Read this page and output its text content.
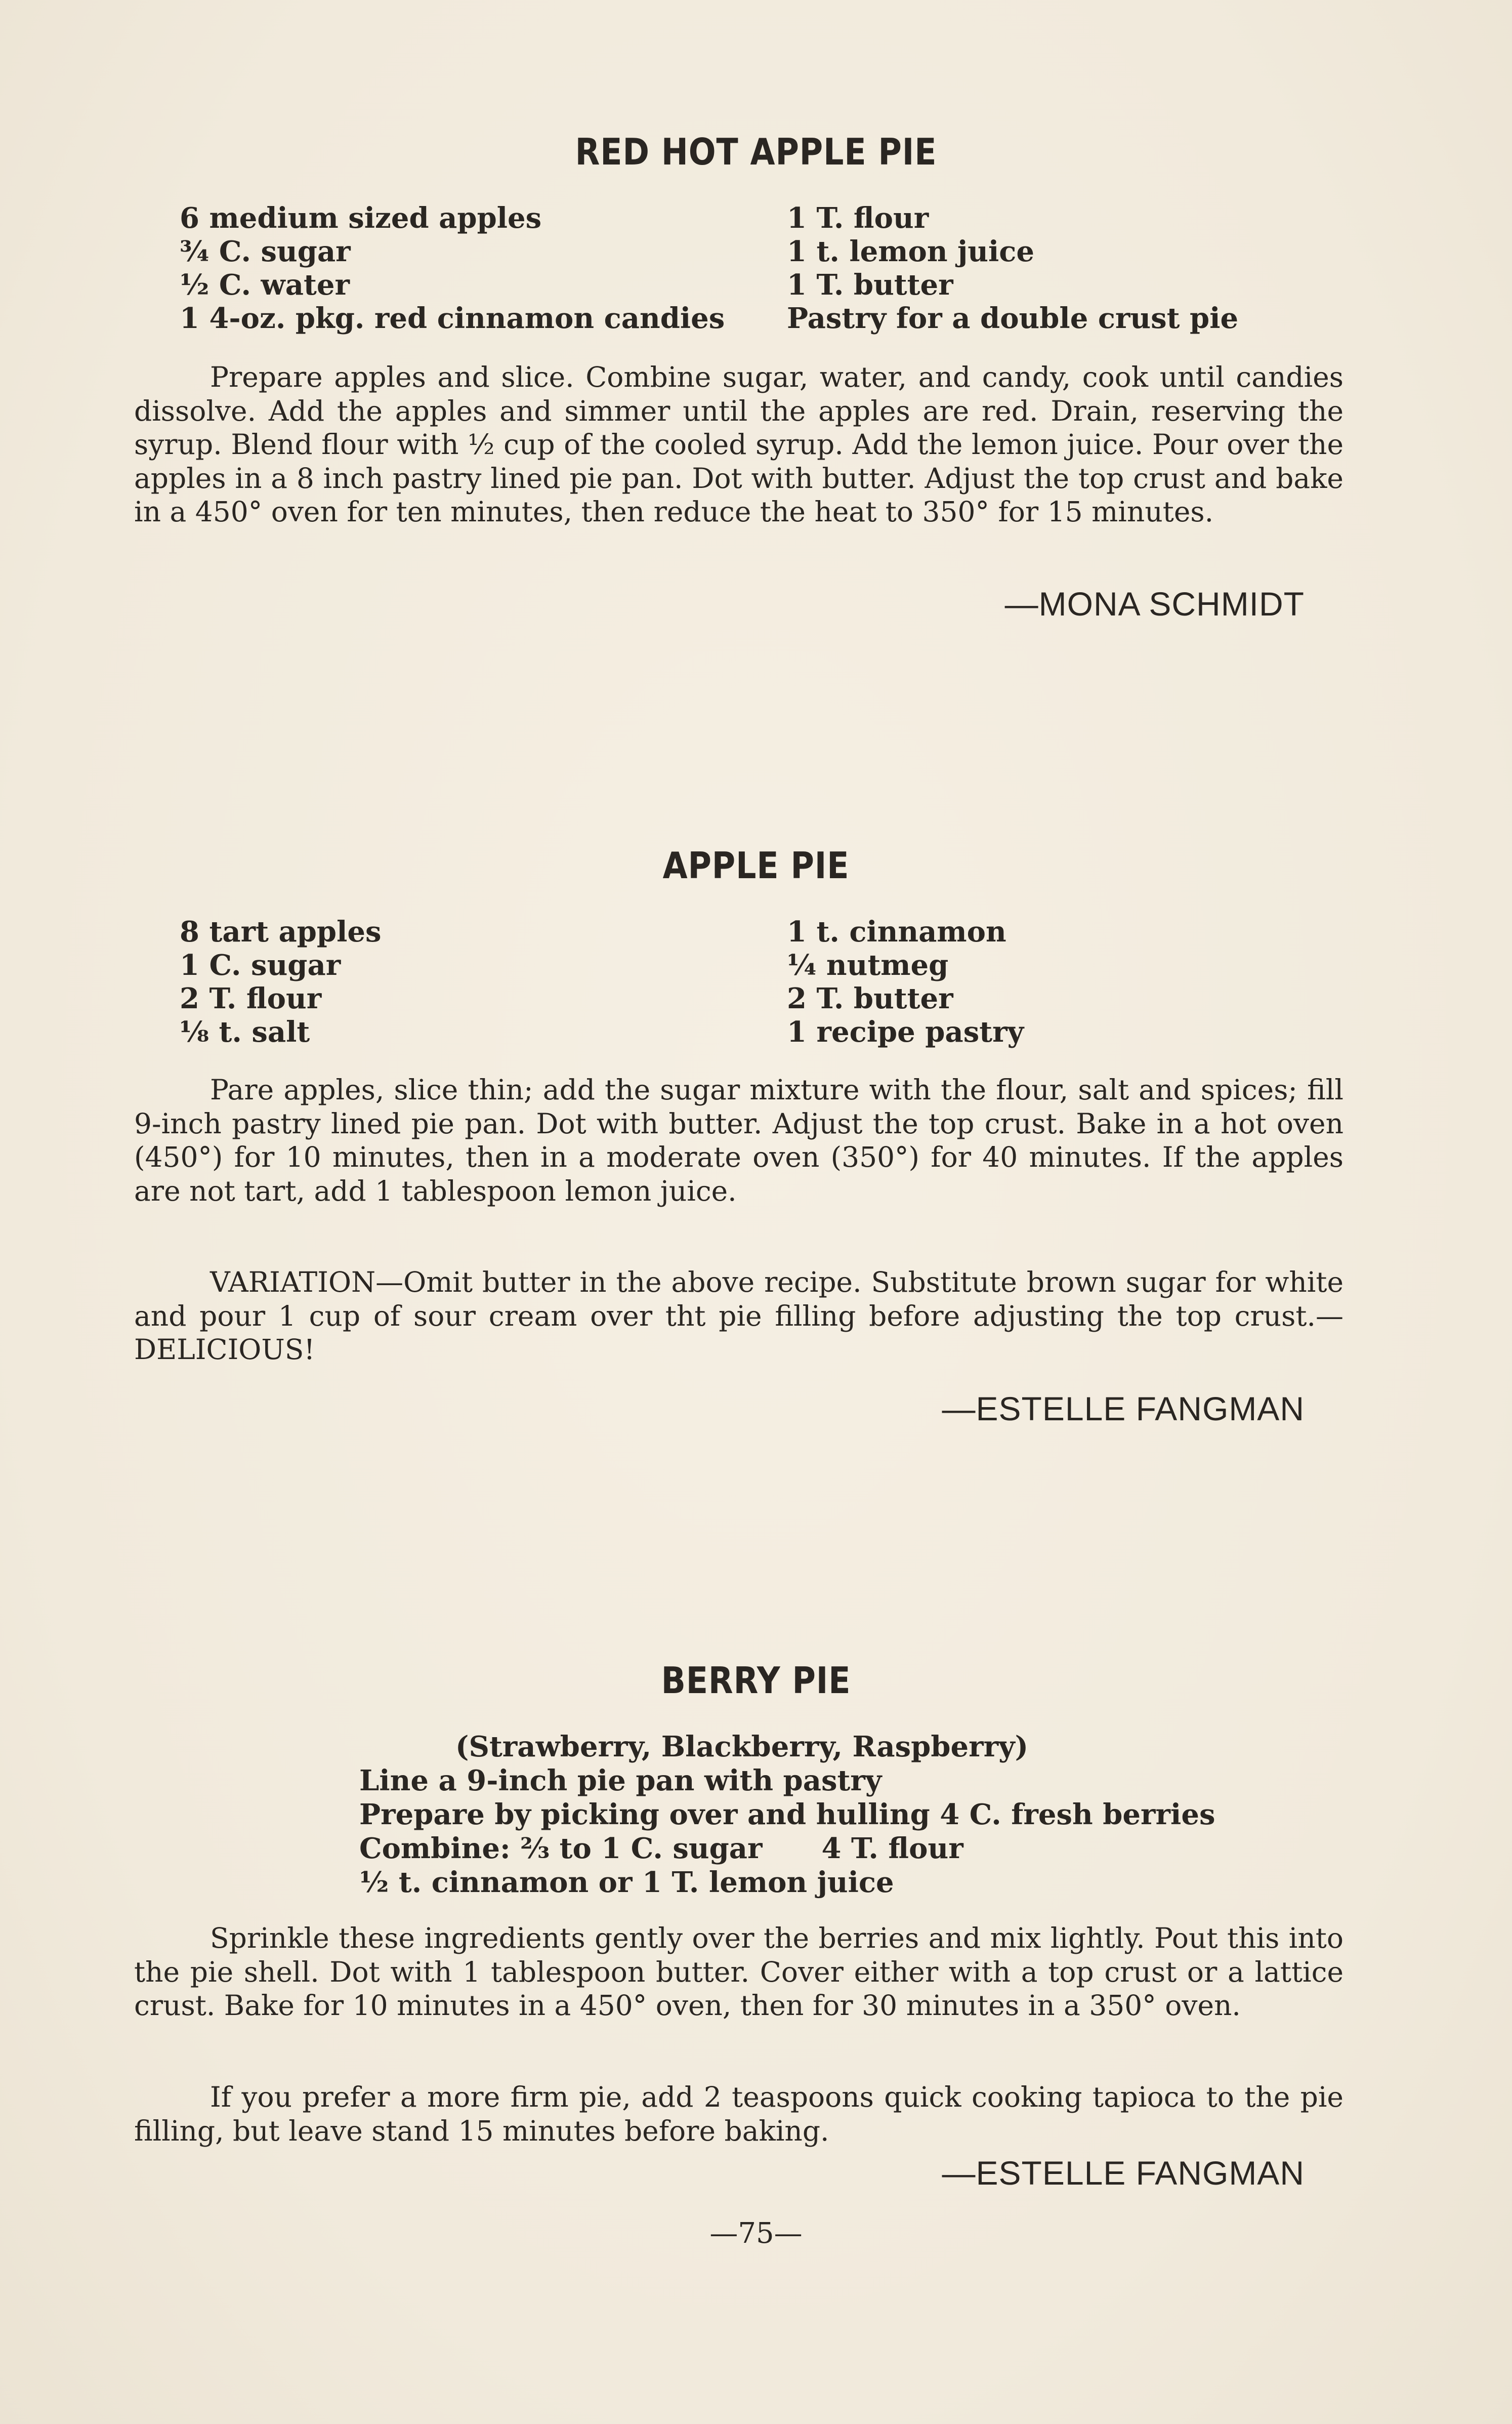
RED HOT APPLE PIE
6 medium sized apples
¾ C. sugar
½ C. water
1 4-oz. pkg. red cinnamon candies
1 T. flour
1 t. lemon juice
1 T. butter
Pastry for a double crust pie
Prepare apples and slice. Combine sugar, water, and candy, cook until candies dissolve. Add the apples and simmer until the apples are red. Drain, reserving the syrup. Blend flour with ½ cup of the cooled syrup. Add the lemon juice. Pour over the apples in a 8 inch pastry lined pie pan. Dot with butter. Adjust the top crust and bake in a 450° oven for ten minutes, then reduce the heat to 350° for 15 minutes.
—MONA SCHMIDT
APPLE PIE
8 tart apples
1 C. sugar
2 T. flour
⅛ t. salt
1 t. cinnamon
¼ nutmeg
2 T. butter
1 recipe pastry
Pare apples, slice thin; add the sugar mixture with the flour, salt and spices; fill 9-inch pastry lined pie pan. Dot with butter. Adjust the top crust. Bake in a hot oven (450°) for 10 minutes, then in a moderate oven (350°) for 40 minutes. If the apples are not tart, add 1 tablespoon lemon juice.
VARIATION—Omit butter in the above recipe. Substitute brown sugar for white and pour 1 cup of sour cream over tht pie filling before adjusting the top crust.—DELICIOUS!
—ESTELLE FANGMAN
BERRY PIE
(Strawberry, Blackberry, Raspberry)
Line a 9-inch pie pan with pastry
Prepare by picking over and hulling 4 C. fresh berries
Combine: ⅔ to 1 C. sugar      4 T. flour
½ t. cinnamon or 1 T. lemon juice
Sprinkle these ingredients gently over the berries and mix lightly. Pout this into the pie shell. Dot with 1 tablespoon butter. Cover either with a top crust or a lattice crust. Bake for 10 minutes in a 450° oven, then for 30 minutes in a 350° oven.
If you prefer a more firm pie, add 2 teaspoons quick cooking tapioca to the pie filling, but leave stand 15 minutes before baking.
—ESTELLE FANGMAN
—75—
